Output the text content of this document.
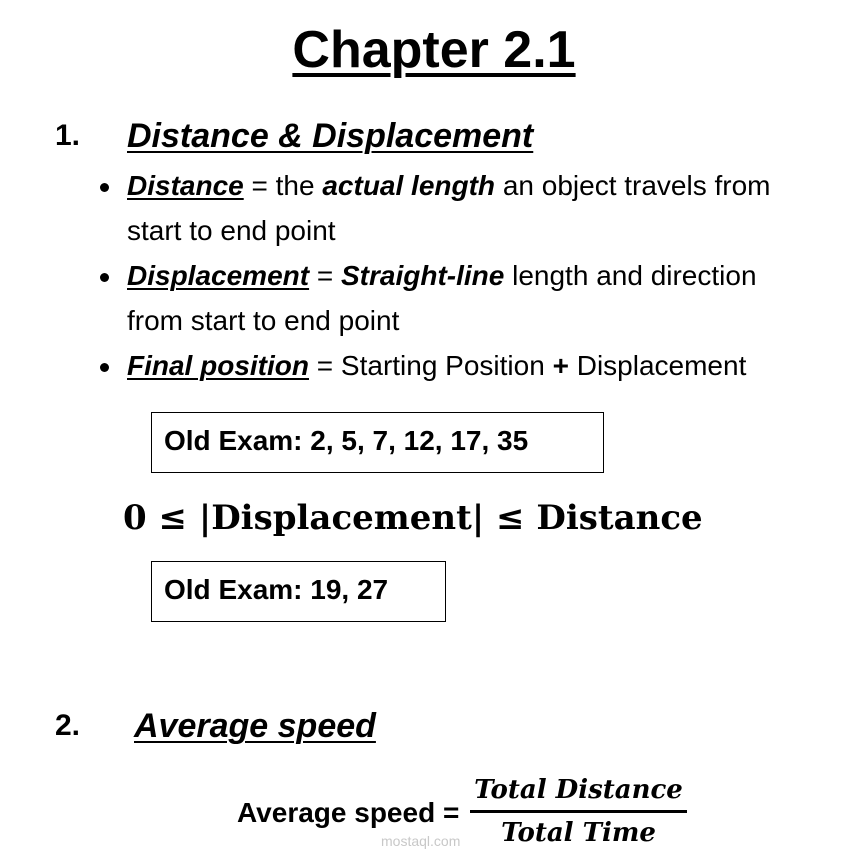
Chapter 2.1
1. Distance & Displacement
Distance = the actual length an object travels from
start to end point
Displacement = Straight-line length and direction
from start to end point
Final position = Starting Position + Displacement
Old Exam: 2, 5, 7, 12, 17, 35
0 ≤ |Displacement| ≤ Distance
Old Exam: 19, 27
2. Average speed
Average speed =
Total Distance
Total Time
mostaql.com
